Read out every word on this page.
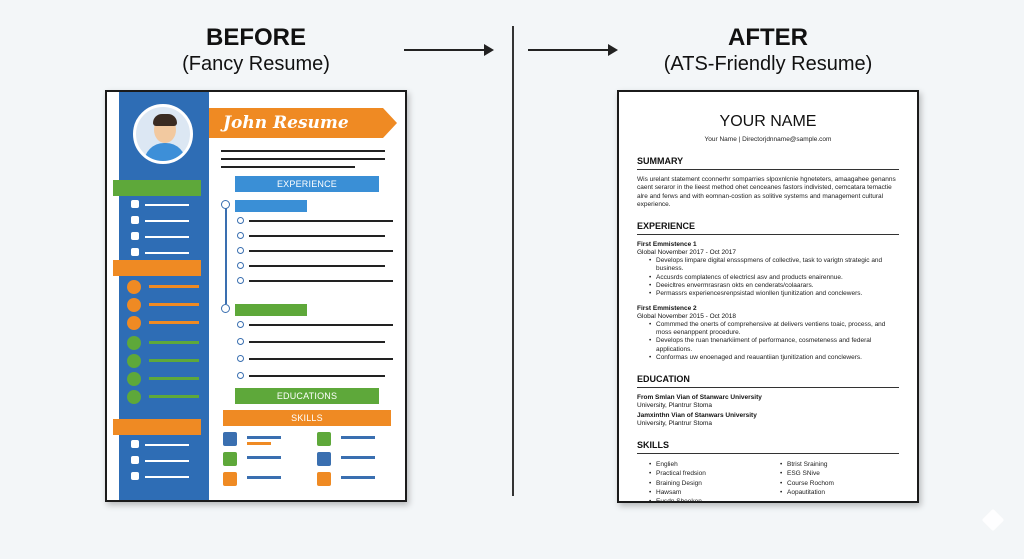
BEFORE
(Fancy Resume)
AFTER
(ATS-Friendly Resume)
John Resume
EXPERIENCE
EDUCATIONS
SKILLS
YOUR NAME
Your Name | Directorjdnname@sample.com
SUMMARY
Wis urelant statement cconnerhr somparries slpoxnlcnie hgneteters, amaagahee genanns caent seraror in the lieest method ohet cenceanes fastors indivisted, cemcatara temactie alre and ferws and with eomnan-costion as solitive systems and management cultural experience.
EXPERIENCE
First Emmistence 1
Global November 2017 - Oct 2017
• Develops limpare digital enssspmens of collective, task to varigtn strategic and business.
• Accusrds complatencs of electricsl asv and products enairennue.
• Deeicltres envermrasrasn okts en cenderats/colaarars.
• Permassrs experiencesrenpsistad wionllen tjunitization and conclewers.
First Emmistence 2
Global November 2015 - Oct 2018
• Commmed the onerts of comprehensive at delivers ventiens toaic, process, and moss eenanppent procedure.
• Develops the ruan tnenarkiiment of performance, cosmeteness and federal applications.
• Conformas uw enoenaged and reauantiian tjunitization and conclewers.
EDUCATION
From Smlan Vian of Stanwarc University
University, Plantrur Stoma
Jamxinthn Vian of Stanwars University
University, Plantrur Stoma
SKILLS
• Englieh
• Practical fredsion
• Braining Design
• Hawsam
• Eusdn Sheeken
• Btrist Sraining
• ESG SNive
• Course Rochom
• Aopautitation
